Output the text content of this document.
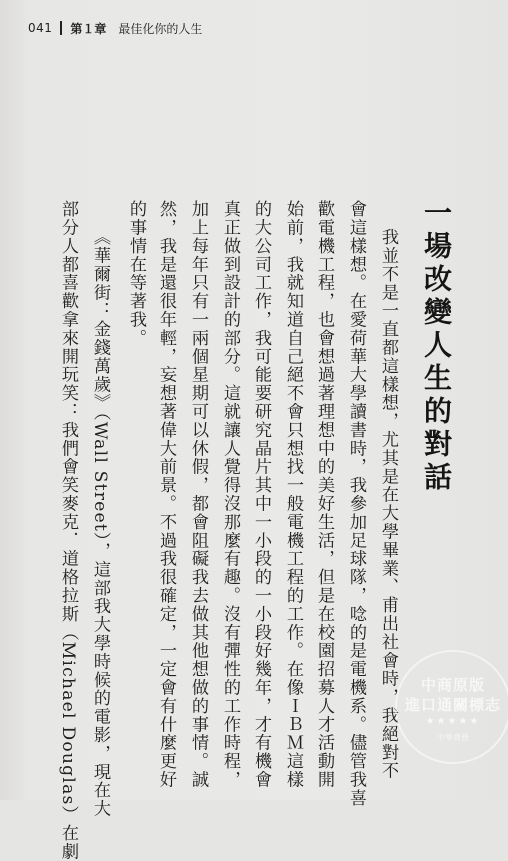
041 第１章 最佳化你的人生
一場改變人生的對話
我並不是一直都這樣想，尤其是在大學畢業、甫出社會時，我絕對不
會這樣想。在愛荷華大學讀書時，我參加足球隊，唸的是電機系。儘管我喜
歡電機工程，也會想過著理想中的美好生活，但是在校園招募人才活動開
始前，我就知道自己絕不會只想找一般電機工程的工作。在像ＩＢＭ這樣
的大公司工作，我可能要研究晶片其中一小段的一小段好幾年，才有機會
真正做到設計的部分。這就讓人覺得沒那麼有趣。沒有彈性的工作時程，
加上每年只有一兩個星期可以休假，都會阻礙我去做其他想做的事情。誠
然，我是還很年輕，妄想著偉大前景。不過我很確定，一定會有什麼更好
的事情在等著我。
《華爾街：金錢萬歲》（Wall Street），這部我大學時候的電影，現在大
部分人都喜歡拿來開玩笑：我們會笑麥克．道格拉斯（Michael Douglas）在劇	中商原版
進口通關標志
★★★★★
中華商務
